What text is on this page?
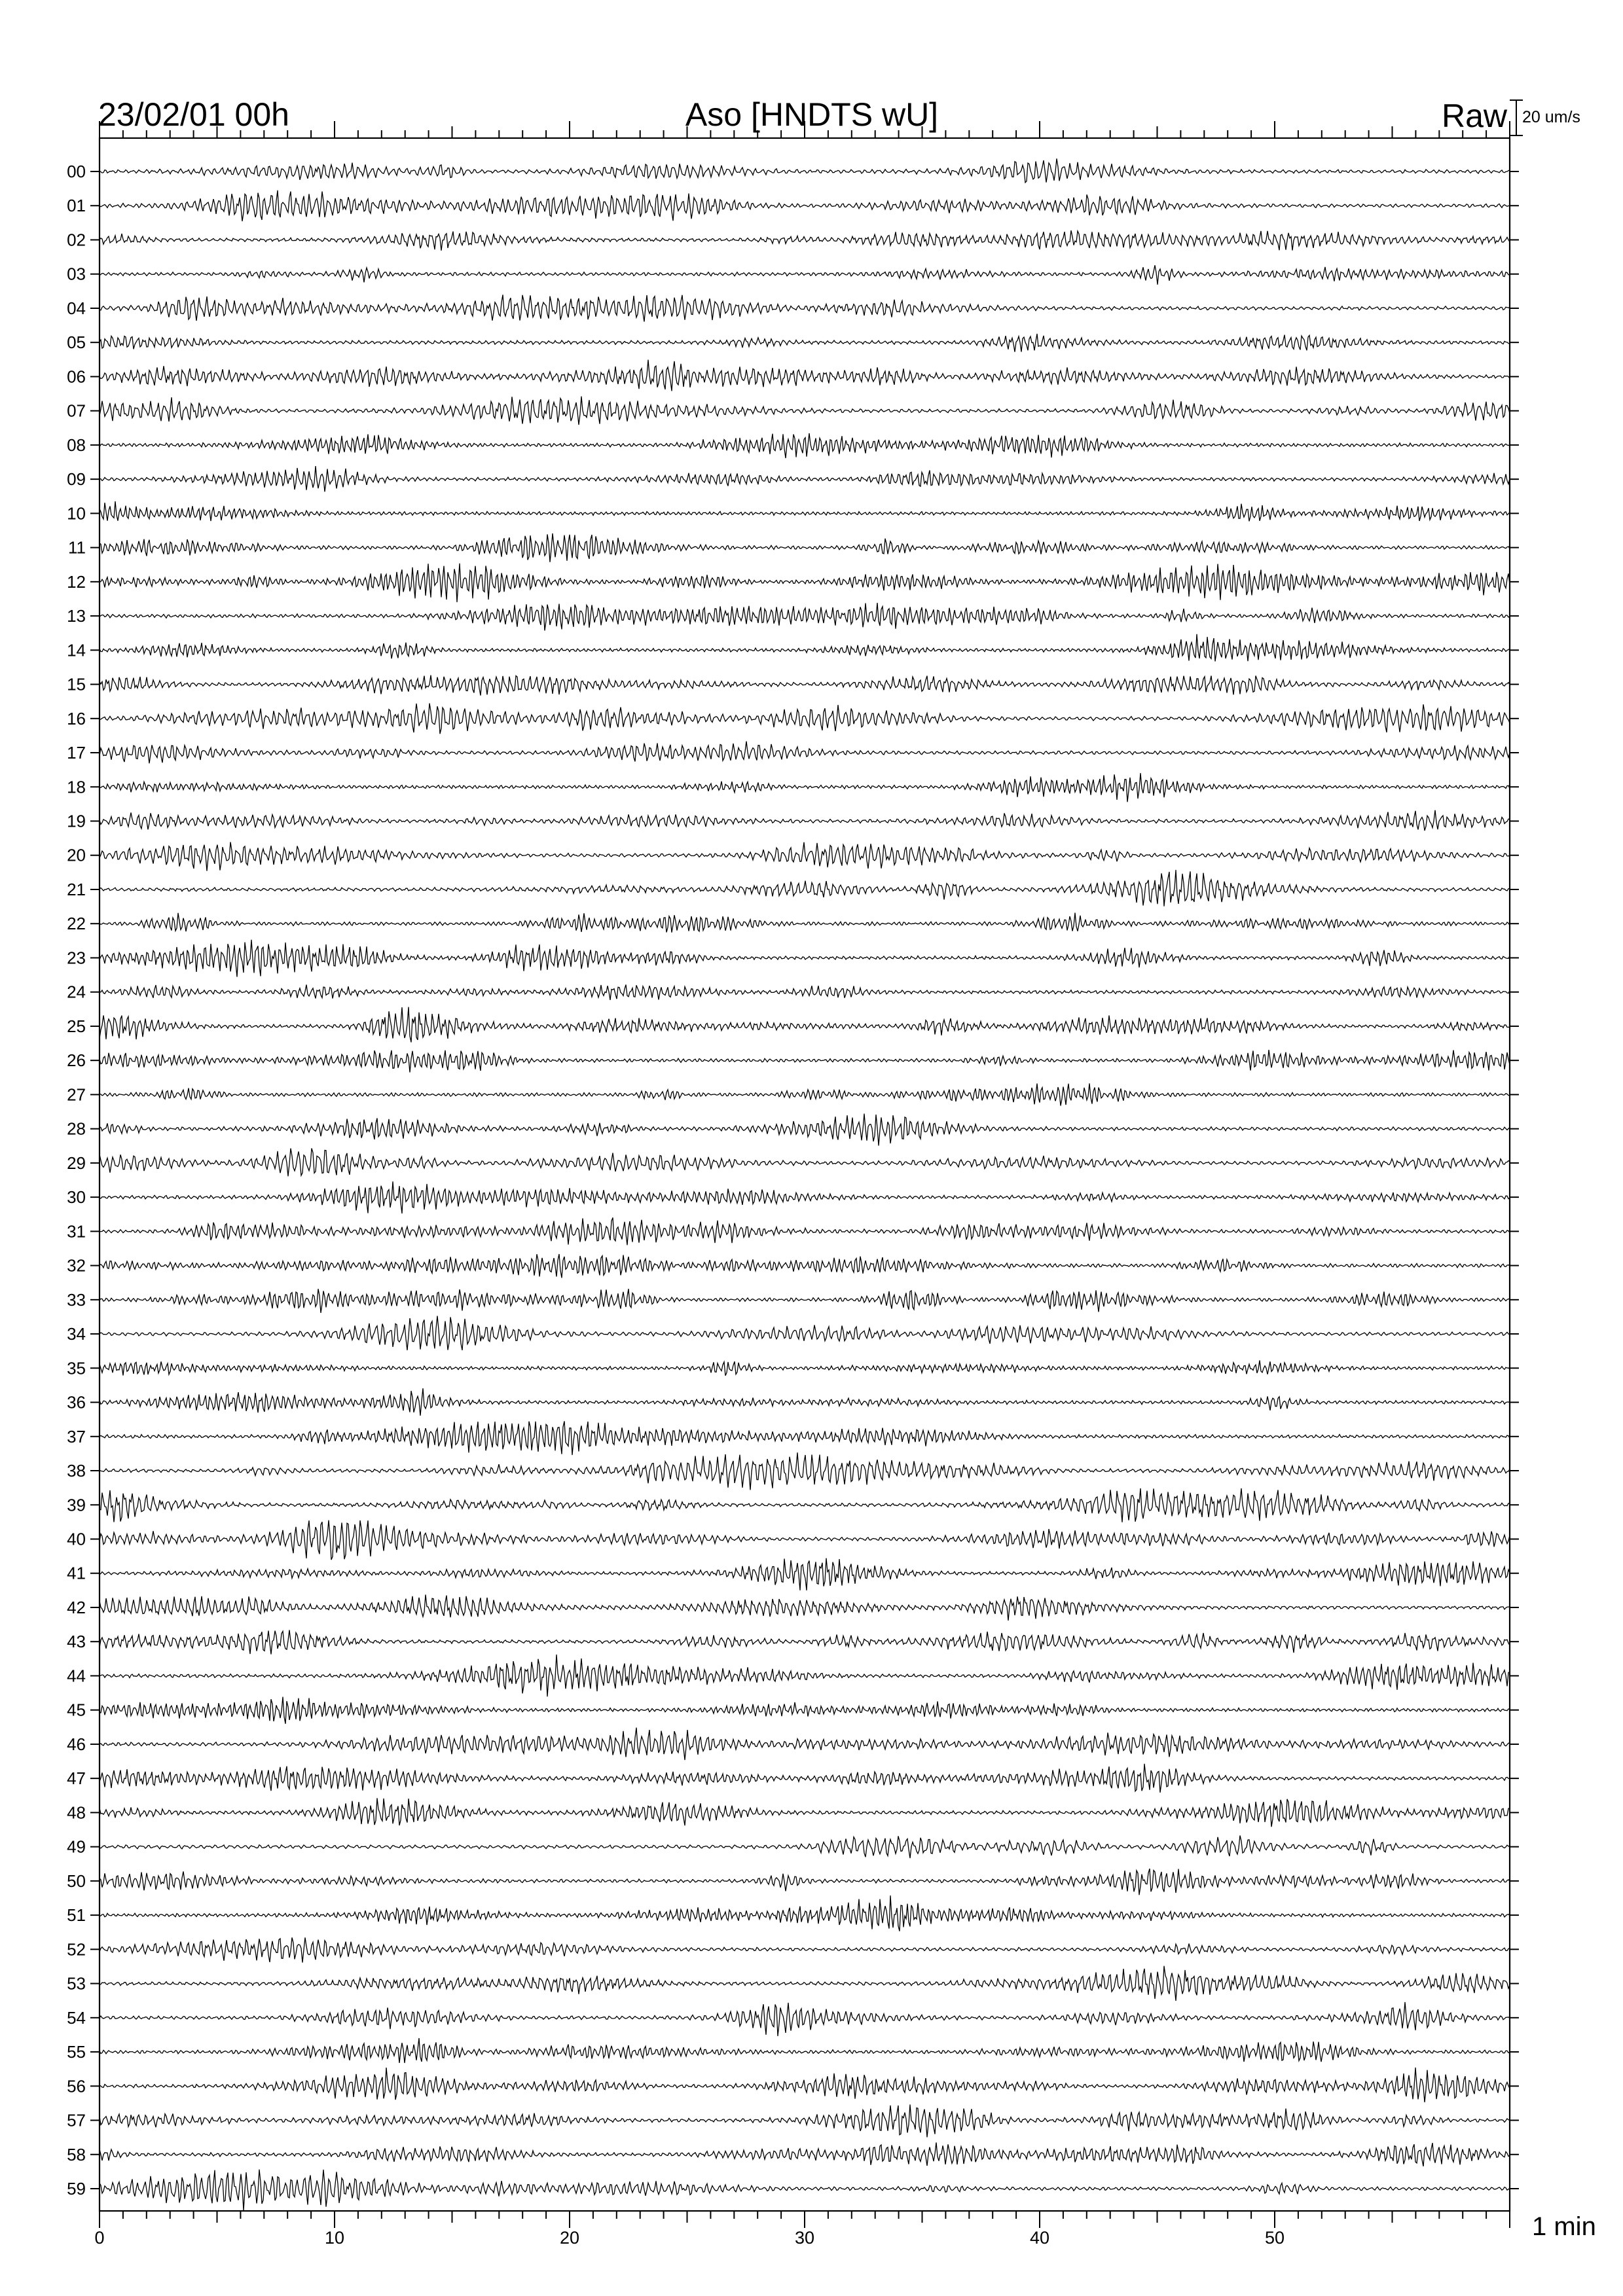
23/02/01 00h	Aso [HNDTS wU]	Raw 20 um/s
1 min
0	10	20	30	40	50
00
01
02
03
04
05
06
07
08
09
10
11
12
13
14
15
16
17
18
19
20
21
22
23
24
25
26
27
28
29
30
31
32
33
34
35
36
37
38
39
40
41
42
43
44
45
46
47
48
49
50
51
52
53
54
55
56
57
58
59
